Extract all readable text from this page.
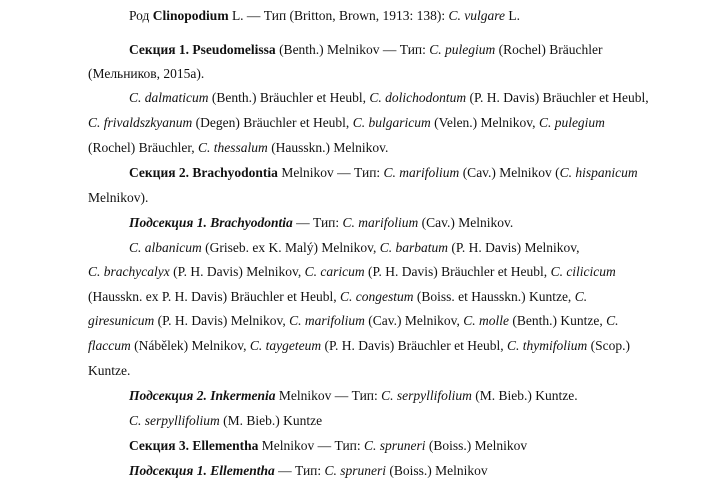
Род Clinopodium L. — Тип (Britton, Brown, 1913: 138): C. vulgare L.
Секция 1. Pseudomelissa (Benth.) Melnikov — Тип: C. pulegium (Rochel) Bräuchler
(Мельников, 2015а).
C. dalmaticum (Benth.) Bräuchler et Heubl, C. dolichodontum (P. H. Davis) Bräuchler et Heubl,
C. frivaldszkyanum (Degen) Bräuchler et Heubl, C. bulgaricum (Velen.) Melnikov, C. pulegium
(Rochel) Bräuchler, C. thessalum (Hausskn.) Melnikov.
Секция 2. Brachyodontia Melnikov — Тип: C. marifolium (Cav.) Melnikov (C. hispanicum
Melnikov).
Подсекция 1. Brachyodontia — Тип: C. marifolium (Cav.) Melnikov.
C. albanicum (Griseb. ex K. Malý) Melnikov, C. barbatum (P. H. Davis) Melnikov,
C. brachycalyx (P. H. Davis) Melnikov, C. caricum (P. H. Davis) Bräuchler et Heubl, C. cilicicum
(Hausskn. ex P. H. Davis) Bräuchler et Heubl, C. congestum (Boiss. et Hausskn.) Kuntze, C.
giresunicum (P. H. Davis) Melnikov, C. marifolium (Cav.) Melnikov, C. molle (Benth.) Kuntze, C.
flaccum (Nábělek) Melnikov, C. taygeteum (P. H. Davis) Bräuchler et Heubl, C. thymifolium (Scop.)
Kuntze.
Подсекция 2. Inkermenia Melnikov — Тип: C. serpyllifolium (M. Bieb.) Kuntze.
C. serpyllifolium (M. Bieb.) Kuntze
Секция 3. Ellementha Melnikov — Тип: C. spruneri (Boiss.) Melnikov
Подсекция 1. Ellementha — Тип: C. spruneri (Boiss.) Melnikov
